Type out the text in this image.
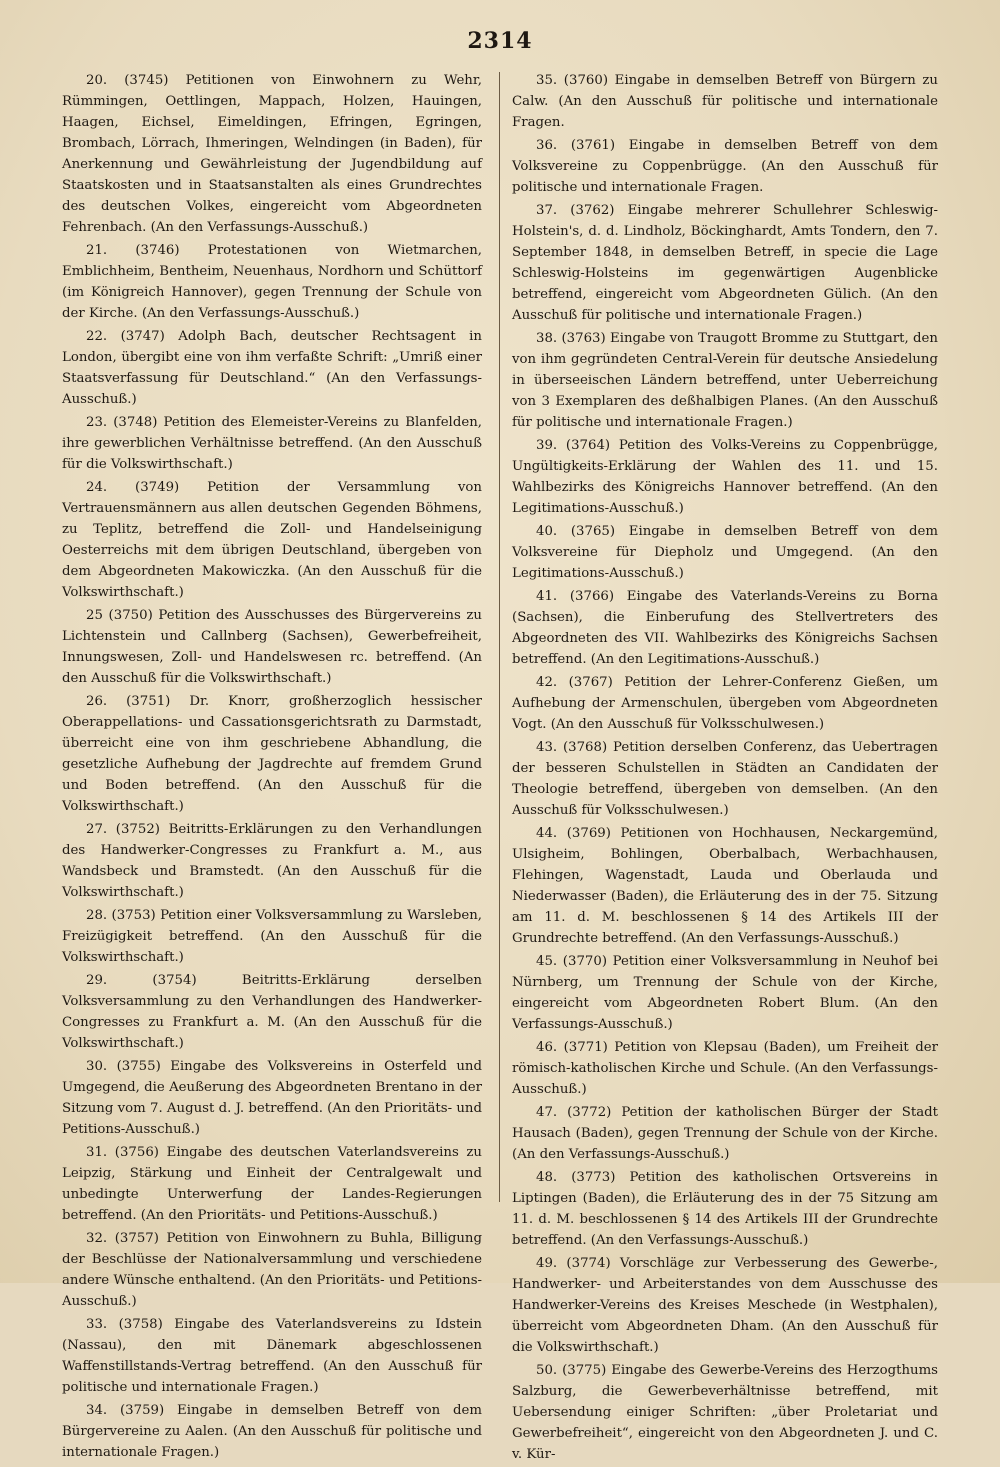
2314

20. (3745) Petitionen von Einwohnern zu Wehr, Rümmingen, Oettlingen, Mappach, Holzen, Hauingen, Haagen, Eichsel, Eimeldingen, Efringen, Egringen, Brombach, Lörrach, Ihmeringen, Welndingen (in Baden), für Anerkennung und Gewährleistung der Jugendbildung auf Staatskosten und in Staatsanstalten als eines Grundrechtes des deutschen Volkes, eingereicht vom Abgeordneten Fehrenbach. (An den Verfassungs-Ausschuß.)

21. (3746) Protestationen von Wietmarchen, Emblichheim, Bentheim, Neuenhaus, Nordhorn und Schüttorf (im Königreich Hannover), gegen Trennung der Schule von der Kirche. (An den Verfassungs-Ausschuß.)

22. (3747) Adolph Bach, deutscher Rechtsagent in London, übergibt eine von ihm verfaßte Schrift: „Umriß einer Staatsverfassung für Deutschland.“ (An den Verfassungs-Ausschuß.)

23. (3748) Petition des Elemeister-Vereins zu Blanfelden, ihre gewerblichen Verhältnisse betreffend. (An den Ausschuß für die Volkswirthschaft.)

24. (3749) Petition der Versammlung von Vertrauensmännern aus allen deutschen Gegenden Böhmens, zu Teplitz, betreffend die Zoll- und Handelseinigung Oesterreichs mit dem übrigen Deutschland, übergeben von dem Abgeordneten Makowiczka. (An den Ausschuß für die Volkswirthschaft.)

25 (3750) Petition des Ausschusses des Bürgervereins zu Lichtenstein und Callnberg (Sachsen), Gewerbefreiheit, Innungswesen, Zoll- und Handelswesen rc. betreffend. (An den Ausschuß für die Volkswirthschaft.)

26. (3751) Dr. Knorr, großherzoglich hessischer Oberappellations- und Cassationsgerichtsrath zu Darmstadt, überreicht eine von ihm geschriebene Abhandlung, die gesetzliche Aufhebung der Jagdrechte auf fremdem Grund und Boden betreffend. (An den Ausschuß für die Volkswirthschaft.)

27. (3752) Beitritts-Erklärungen zu den Verhandlungen des Handwerker-Congresses zu Frankfurt a. M., aus Wandsbeck und Bramstedt. (An den Ausschuß für die Volkswirthschaft.)

28. (3753) Petition einer Volksversammlung zu Warsleben, Freizügigkeit betreffend. (An den Ausschuß für die Volkswirthschaft.)

29. (3754) Beitritts-Erklärung derselben Volksversammlung zu den Verhandlungen des Handwerker-Congresses zu Frankfurt a. M. (An den Ausschuß für die Volkswirthschaft.)

30. (3755) Eingabe des Volksvereins in Osterfeld und Umgegend, die Aeußerung des Abgeordneten Brentano in der Sitzung vom 7. August d. J. betreffend. (An den Prioritäts- und Petitions-Ausschuß.)

31. (3756) Eingabe des deutschen Vaterlandsvereins zu Leipzig, Stärkung und Einheit der Centralgewalt und unbedingte Unterwerfung der Landes-Regierungen betreffend. (An den Prioritäts- und Petitions-Ausschuß.)

32. (3757) Petition von Einwohnern zu Buhla, Billigung der Beschlüsse der Nationalversammlung und verschiedene andere Wünsche enthaltend. (An den Prioritäts- und Petitions-Ausschuß.)

33. (3758) Eingabe des Vaterlandsvereins zu Idstein (Nassau), den mit Dänemark abgeschlossenen Waffenstillstands-Vertrag betreffend. (An den Ausschuß für politische und internationale Fragen.)

34. (3759) Eingabe in demselben Betreff von dem Bürgervereine zu Aalen. (An den Ausschuß für politische und internationale Fragen.)

35. (3760) Eingabe in demselben Betreff von Bürgern zu Calw. (An den Ausschuß für politische und internationale Fragen.

36. (3761) Eingabe in demselben Betreff von dem Volksvereine zu Coppenbrügge. (An den Ausschuß für politische und internationale Fragen.

37. (3762) Eingabe mehrerer Schullehrer Schleswig-Holstein's, d. d. Lindholz, Böckinghardt, Amts Tondern, den 7. September 1848, in demselben Betreff, in specie die Lage Schleswig-Holsteins im gegenwärtigen Augenblicke betreffend, eingereicht vom Abgeordneten Gülich. (An den Ausschuß für politische und internationale Fragen.)

38. (3763) Eingabe von Traugott Bromme zu Stuttgart, den von ihm gegründeten Central-Verein für deutsche Ansiedelung in überseeischen Ländern betreffend, unter Ueberreichung von 3 Exemplaren des deßhalbigen Planes. (An den Ausschuß für politische und internationale Fragen.)

39. (3764) Petition des Volks-Vereins zu Coppenbrügge, Ungültigkeits-Erklärung der Wahlen des 11. und 15. Wahlbezirks des Königreichs Hannover betreffend. (An den Legitimations-Ausschuß.)

40. (3765) Eingabe in demselben Betreff von dem Volksvereine für Diepholz und Umgegend. (An den Legitimations-Ausschuß.)

41. (3766) Eingabe des Vaterlands-Vereins zu Borna (Sachsen), die Einberufung des Stellvertreters des Abgeordneten des VII. Wahlbezirks des Königreichs Sachsen betreffend. (An den Legitimations-Ausschuß.)

42. (3767) Petition der Lehrer-Conferenz Gießen, um Aufhebung der Armenschulen, übergeben vom Abgeordneten Vogt. (An den Ausschuß für Volksschulwesen.)

43. (3768) Petition derselben Conferenz, das Uebertragen der besseren Schulstellen in Städten an Candidaten der Theologie betreffend, übergeben von demselben. (An den Ausschuß für Volksschulwesen.)

44. (3769) Petitionen von Hochhausen, Neckargemünd, Ulsigheim, Bohlingen, Oberbalbach, Werbachhausen, Flehingen, Wagenstadt, Lauda und Oberlauda und Niederwasser (Baden), die Erläuterung des in der 75. Sitzung am 11. d. M. beschlossenen § 14 des Artikels III der Grundrechte betreffend. (An den Verfassungs-Ausschuß.)

45. (3770) Petition einer Volksversammlung in Neuhof bei Nürnberg, um Trennung der Schule von der Kirche, eingereicht vom Abgeordneten Robert Blum. (An den Verfassungs-Ausschuß.)

46. (3771) Petition von Klepsau (Baden), um Freiheit der römisch-katholischen Kirche und Schule. (An den Verfassungs-Ausschuß.)

47. (3772) Petition der katholischen Bürger der Stadt Hausach (Baden), gegen Trennung der Schule von der Kirche. (An den Verfassungs-Ausschuß.)

48. (3773) Petition des katholischen Ortsvereins in Liptingen (Baden), die Erläuterung des in der 75 Sitzung am 11. d. M. beschlossenen § 14 des Artikels III der Grundrechte betreffend. (An den Verfassungs-Ausschuß.)

49. (3774) Vorschläge zur Verbesserung des Gewerbe-, Handwerker- und Arbeiterstandes von dem Ausschusse des Handwerker-Vereins des Kreises Meschede (in Westphalen), überreicht vom Abgeordneten Dham. (An den Ausschuß für die Volkswirthschaft.)

50. (3775) Eingabe des Gewerbe-Vereins des Herzogthums Salzburg, die Gewerbeverhältnisse betreffend, mit Uebersendung einiger Schriften: „über Proletariat und Gewerbefreiheit“, eingereicht von den Abgeordneten J. und C. v. Kür-
